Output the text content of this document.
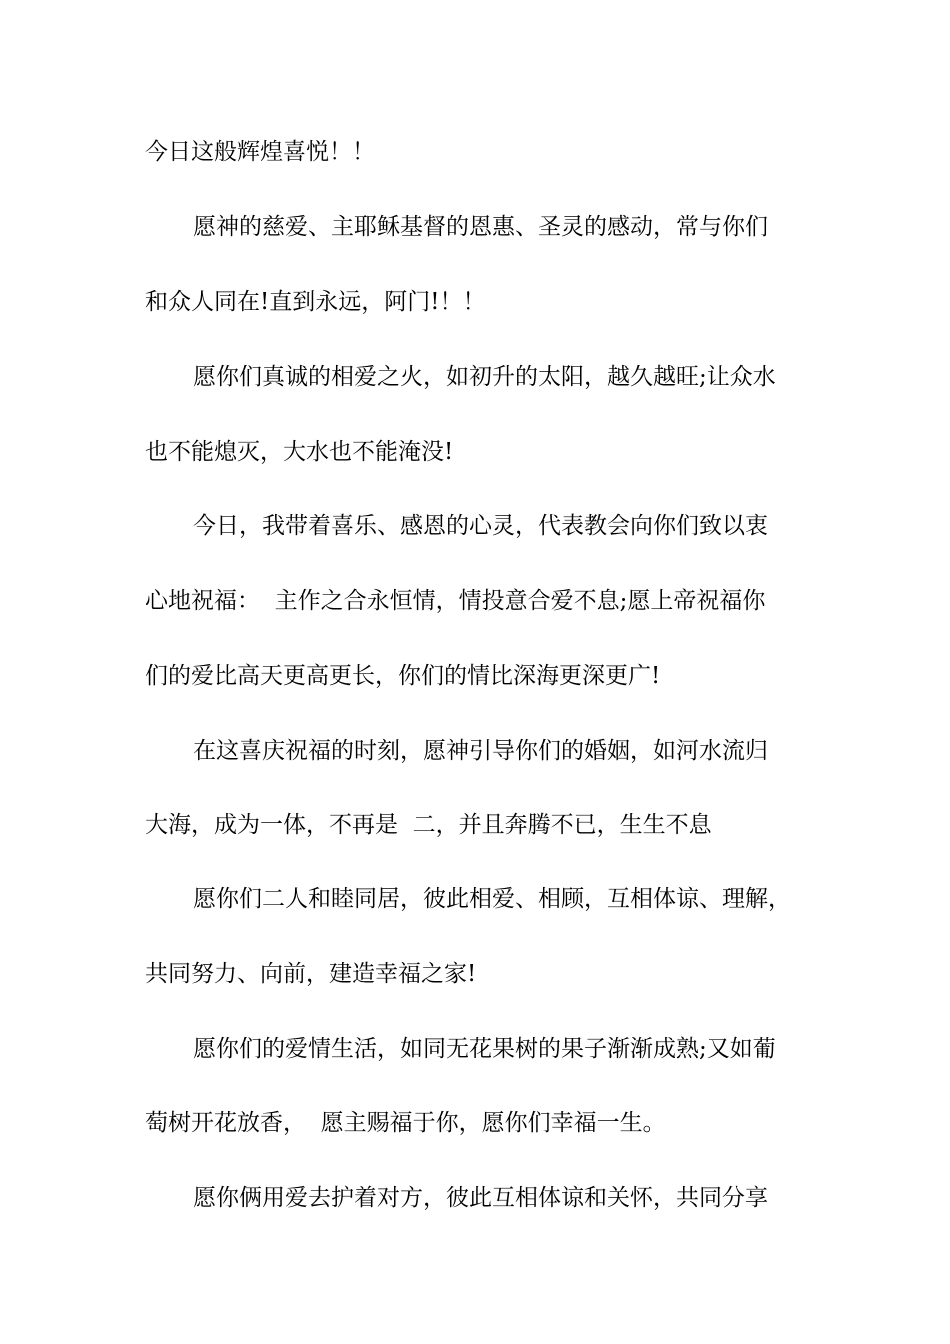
今日这般辉煌喜悦！！

愿神的慈爱、主耶稣基督的恩惠、圣灵的感动，常与你们

和众人同在!直到永远，阿门!！！

愿你们真诚的相爱之火，如初升的太阳，越久越旺;让众水

也不能熄灭，大水也不能淹没!

今日，我带着喜乐、感恩的心灵，代表教会向你们致以衷

心地祝福：  主作之合永恒情，情投意合爱不息;愿上帝祝福你

们的爱比高天更高更长，你们的情比深海更深更广!

在这喜庆祝福的时刻，愿神引导你们的婚姻，如河水流归

大海，成为一体，不再是  二，并且奔腾不已，生生不息

愿你们二人和睦同居，彼此相爱、相顾，互相体谅、理解，

共同努力、向前，建造幸福之家!

愿你们的爱情生活，如同无花果树的果子渐渐成熟;又如葡

萄树开花放香，  愿主赐福于你，愿你们幸福一生。

愿你俩用爱去护着对方，彼此互相体谅和关怀，共同分享
